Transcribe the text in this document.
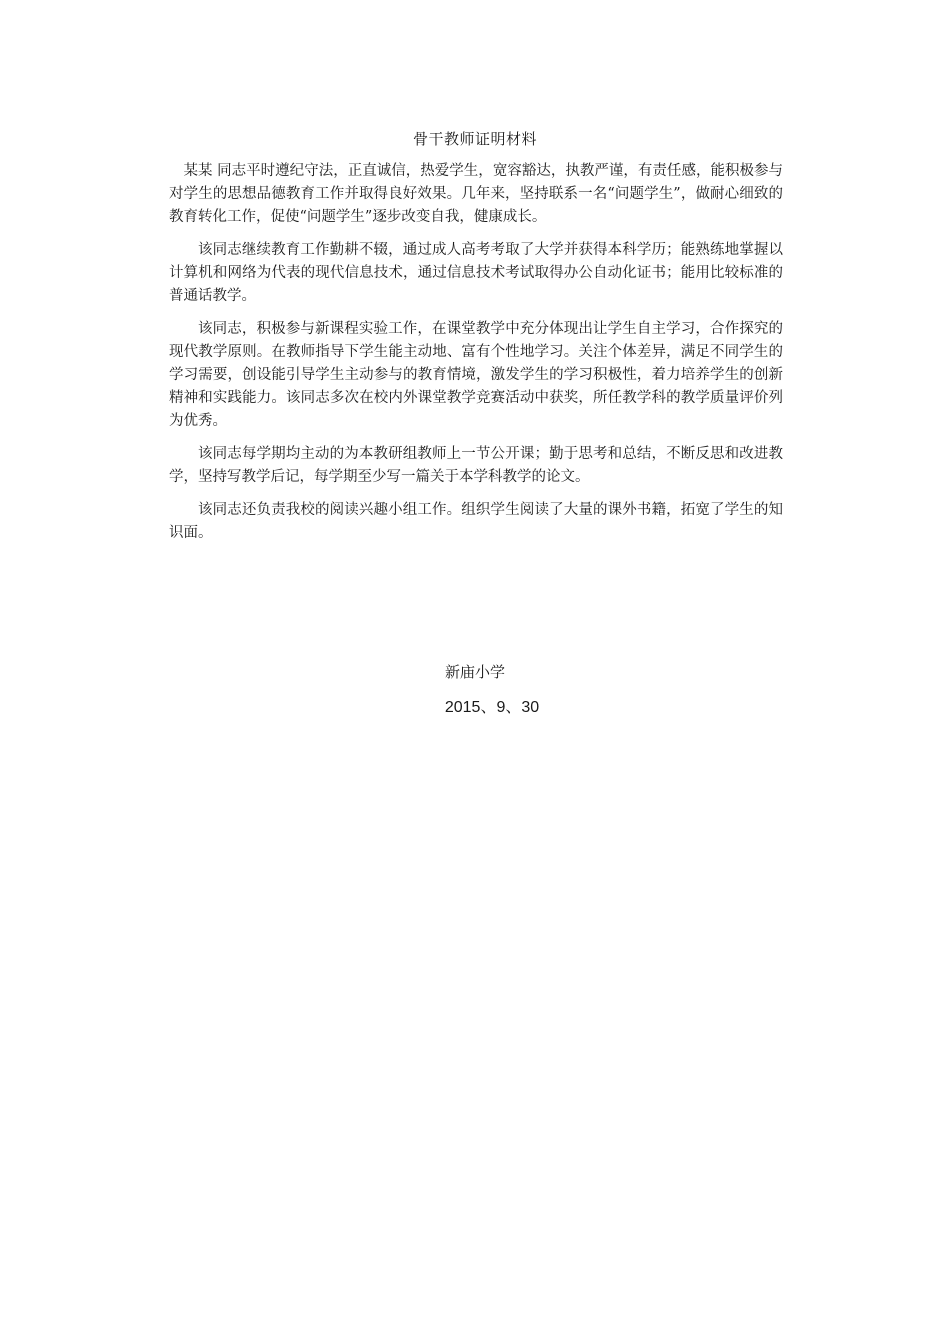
骨干教师证明材料

某某 同志平时遵纪守法，正直诚信，热爱学生，宽容豁达，执教严谨，有责任感，能积极参与对学生的思想品德教育工作并取得良好效果。几年来，坚持联系一名“问题学生”，做耐心细致的教育转化工作，促使“问题学生”逐步改变自我，健康成长。

该同志继续教育工作勤耕不辍，通过成人高考考取了大学并获得本科学历；能熟练地掌握以计算机和网络为代表的现代信息技术，通过信息技术考试取得办公自动化证书；能用比较标准的普通话教学。

该同志，积极参与新课程实验工作，在课堂教学中充分体现出让学生自主学习，合作探究的现代教学原则。在教师指导下学生能主动地、富有个性地学习。关注个体差异，满足不同学生的学习需要，创设能引导学生主动参与的教育情境，激发学生的学习积极性，着力培养学生的创新精神和实践能力。该同志多次在校内外课堂教学竞赛活动中获奖，所任教学科的教学质量评价列为优秀。

该同志每学期均主动的为本教研组教师上一节公开课；勤于思考和总结，不断反思和改进教学，坚持写教学后记，每学期至少写一篇关于本学科教学的论文。

该同志还负责我校的阅读兴趣小组工作。组织学生阅读了大量的课外书籍，拓宽了学生的知识面。

新庙小学
2015、9、30
